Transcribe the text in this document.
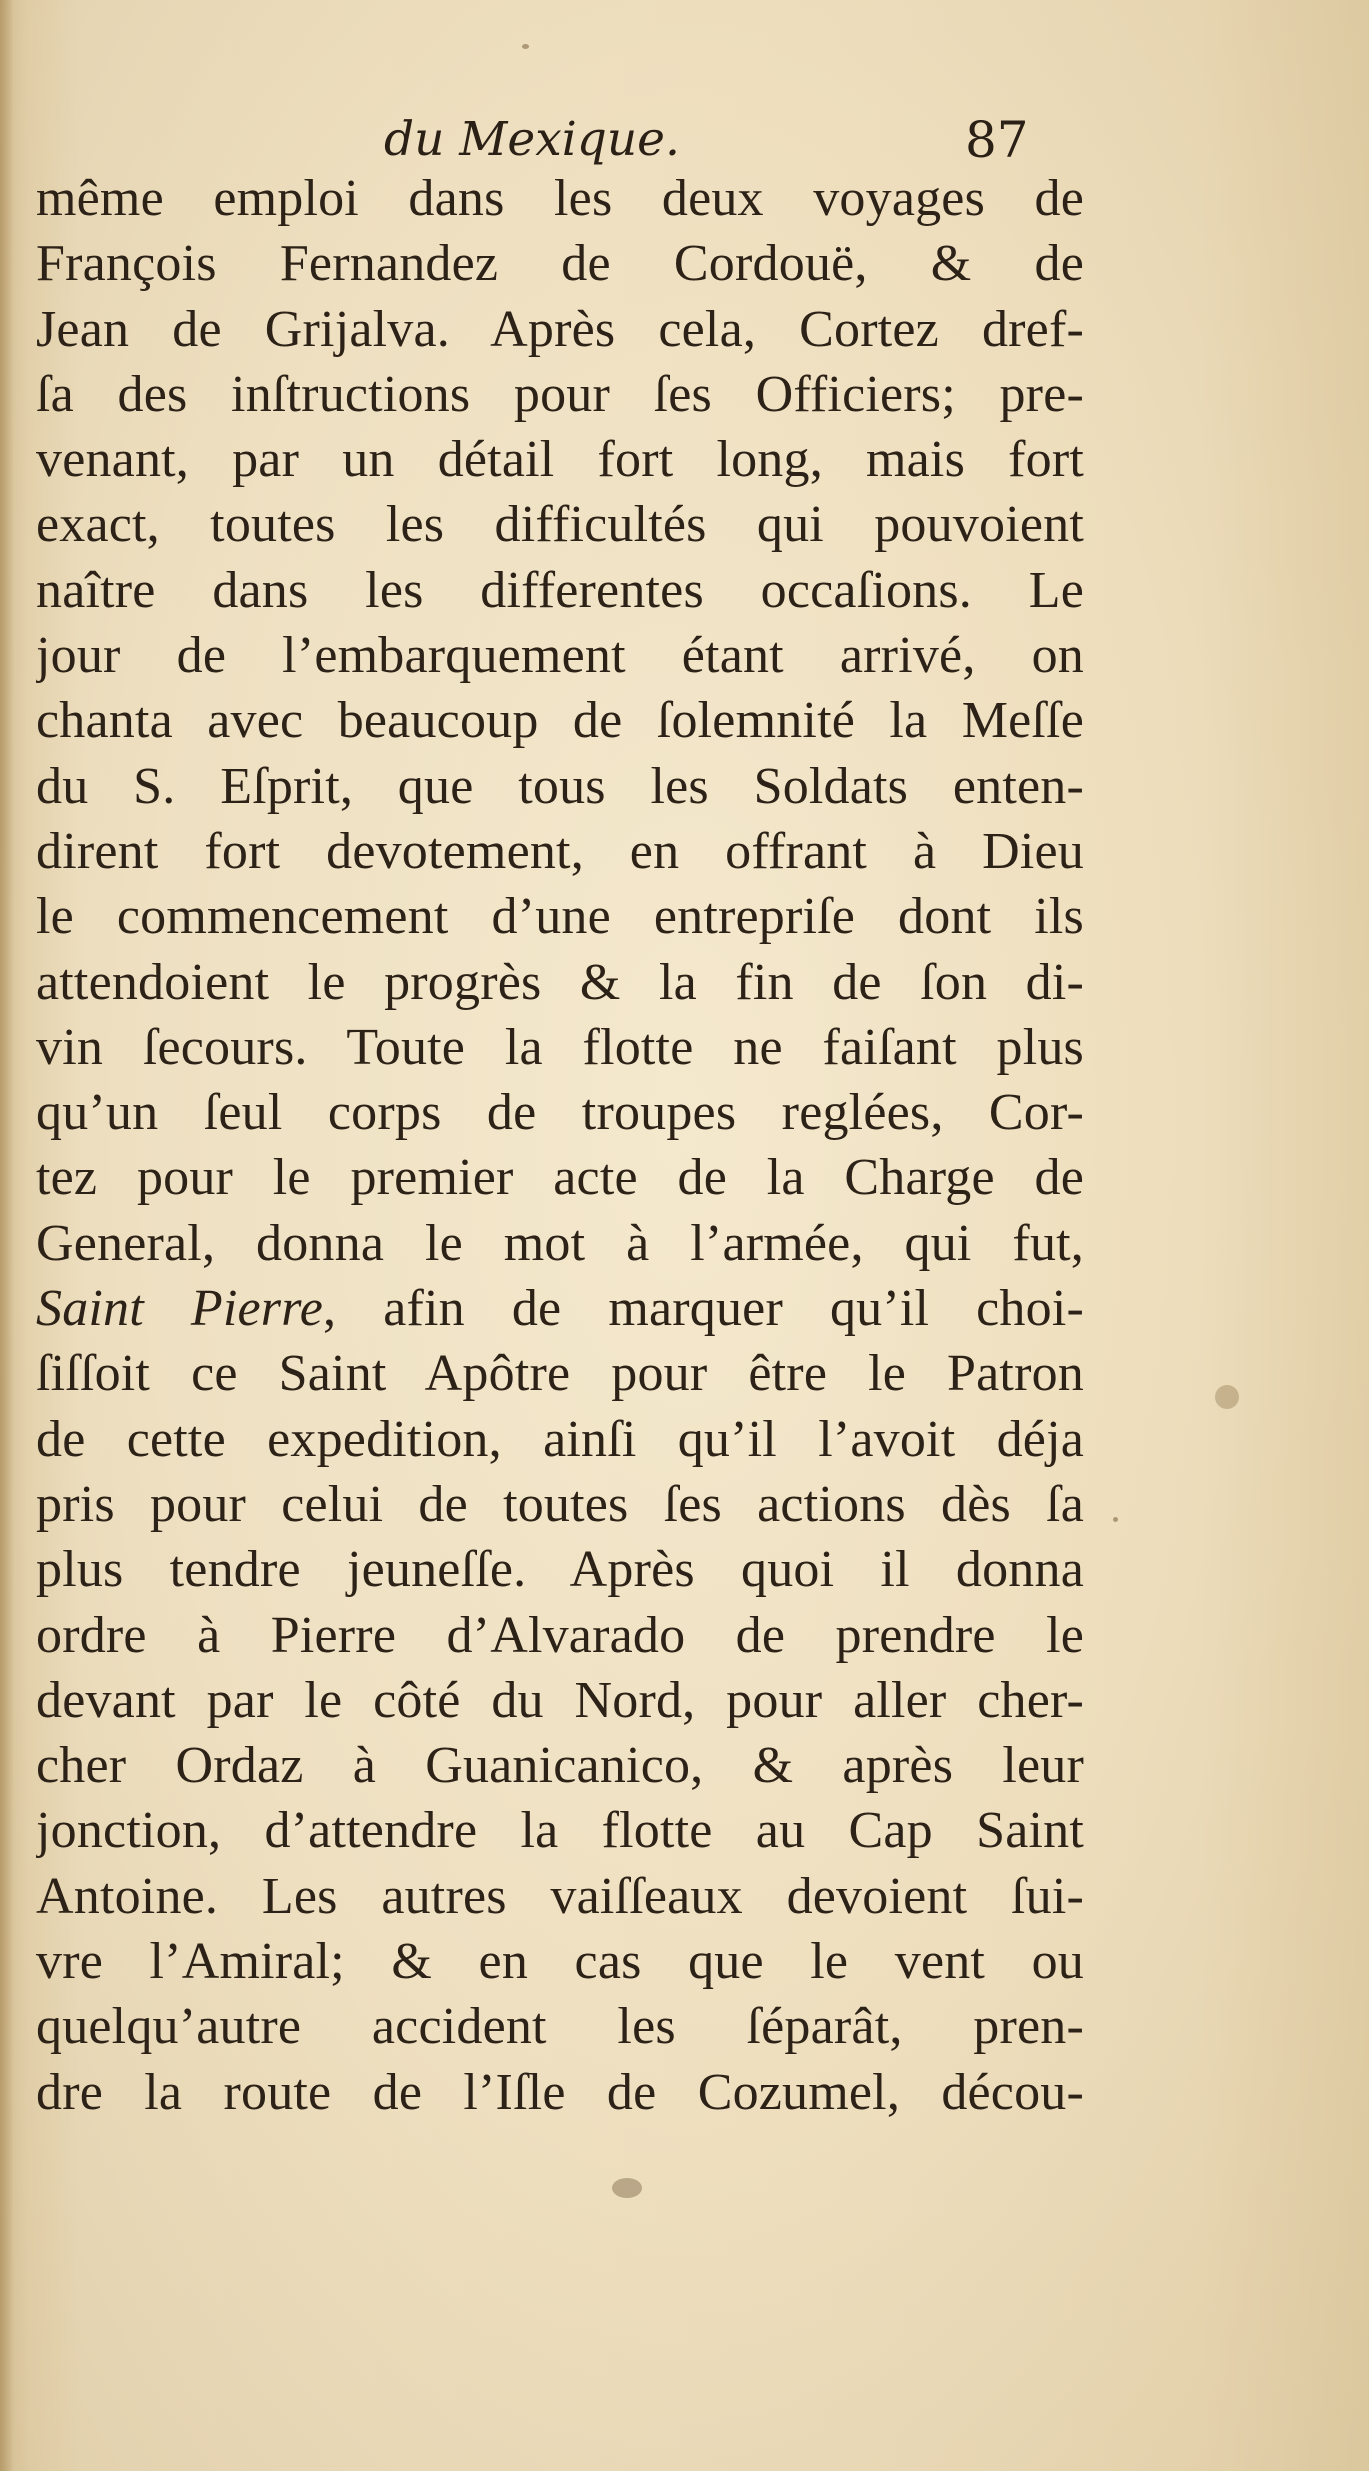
du Mexique.	87
même emploi dans les deux voyages de
François Fernandez de Cordouë, & de
Jean de Grijalva. Après cela, Cortez dref-
ſa des inſtructions pour ſes Officiers; pre-
venant, par un détail fort long, mais fort
exact, toutes les difficultés qui pouvoient
naître dans les differentes occaſions. Le
jour de l’embarquement étant arrivé, on
chanta avec beaucoup de ſolemnité la Meſſe
du S. Eſprit, que tous les Soldats enten-
dirent fort devotement, en offrant à Dieu
le commencement d’une entrepriſe dont ils
attendoient le progrès & la fin de ſon di-
vin ſecours. Toute la flotte ne faiſant plus
qu’un ſeul corps de troupes reglées, Cor-
tez pour le premier acte de la Charge de
General, donna le mot à l’armée, qui fut,
Saint Pierre, afin de marquer qu’il choi-
ſiſſoit ce Saint Apôtre pour être le Patron
de cette expedition, ainſi qu’il l’avoit déja
pris pour celui de toutes ſes actions dès ſa
plus tendre jeuneſſe. Après quoi il donna
ordre à Pierre d’Alvarado de prendre le
devant par le côté du Nord, pour aller cher-
cher Ordaz à Guanicanico, & après leur
jonction, d’attendre la flotte au Cap Saint
Antoine. Les autres vaiſſeaux devoient ſui-
vre l’Amiral; & en cas que le vent ou
quelqu’autre accident les ſéparât, pren-
dre la route de l’Iſle de Cozumel, décou-
